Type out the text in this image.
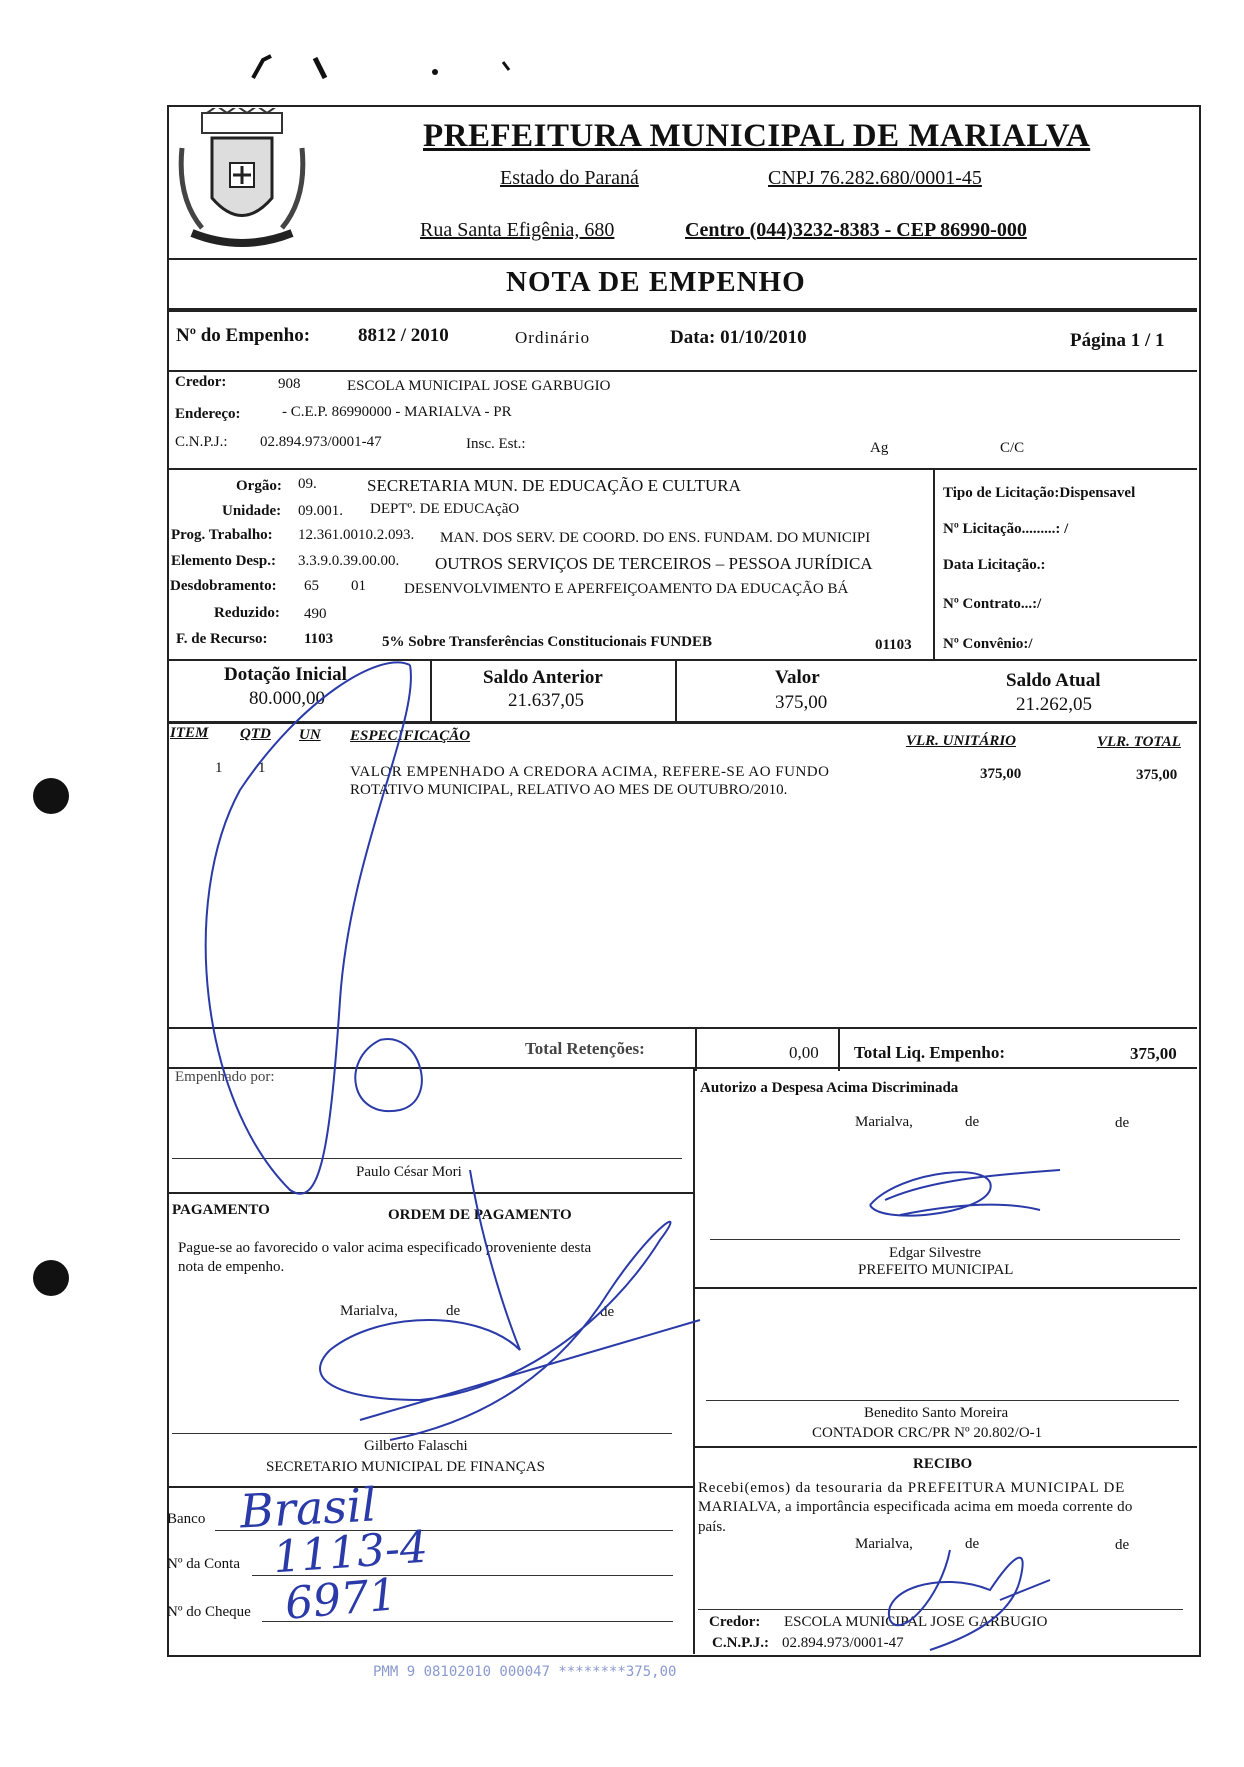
PREFEITURA MUNICIPAL DE MARIALVA
Estado do Paraná	CNPJ 76.282.680/0001-45
Rua Santa Efigênia, 680	Centro (044)3232-8383 - CEP 86990-000
NOTA DE EMPENHO
Nº do Empenho:	8812 / 2010	Ordinário	Data: 01/10/2010	Página 1 / 1
Credor:	908	ESCOLA MUNICIPAL JOSE GARBUGIO
Endereço:	- C.E.P. 86990000 - MARIALVA - PR
C.N.P.J.: 02.894.973/0001-47	Insc. Est.:	Ag	C/C
Orgão: 09.	SECRETARIA MUN. DE EDUCAÇÃO E CULTURA
Unidade: 09.001. DEPTº. DE EDUCAçãO
Prog. Trabalho: 12.361.0010.2.093. MAN. DOS SERV. DE COORD. DO ENS. FUNDAM. DO MUNICIPI
Elemento Desp.: 3.3.9.0.39.00.00. OUTROS SERVIÇOS DE TERCEIROS – PESSOA JURÍDICA
Desdobramento: 65 01	DESENVOLVIMENTO E APERFEIÇOAMENTO DA EDUCAÇÃO BÁ
Reduzido: 490
F. de Recurso: 1103	5% Sobre Transferências Constitucionais FUNDEB	01103
Tipo de Licitação:Dispensavel
Nº Licitação.........: /
Data Licitação.:
Nº Contrato...:/
Nº Convênio:/
Dotação Inicial
80.000,00
Saldo Anterior
21.637,05
Valor
375,00
Saldo Atual
21.262,05
ITEM QTD UN ESPECIFICAÇÃO	VLR. UNITÁRIO	VLR. TOTAL
1 1	VALOR EMPENHADO A CREDORA ACIMA, REFERE-SE AO FUNDO
ROTATIVO MUNICIPAL, RELATIVO AO MES DE OUTUBRO/2010.
375,00	375,00
Total Retenções:	0,00 Total Liq. Empenho:	375,00
Empenhado por:
Paulo César Mori
Autorizo a Despesa Acima Discriminada
Marialva,	de	de
Edgar Silvestre
PREFEITO MUNICIPAL
PAGAMENTO	ORDEM DE PAGAMENTO
Pague-se ao favorecido o valor acima especificado proveniente desta
nota de empenho.
Marialva,	de	de
Gilberto Falaschi
SECRETARIO MUNICIPAL DE FINANÇAS
Benedito Santo Moreira
CONTADOR CRC/PR Nº 20.802/O-1
Banco Brasil
Nº da Conta 1113-4
Nº do Cheque 6971
RECIBO
Recebi(emos) da tesouraria da PREFEITURA MUNICIPAL DE
MARIALVA, a importância especificada acima em moeda corrente do
país.
Marialva,	de	de
Credor: ESCOLA MUNICIPAL JOSE GARBUGIO
C.N.P.J.: 02.894.973/0001-47
PMM 9 08102010 000047 ********375,00
